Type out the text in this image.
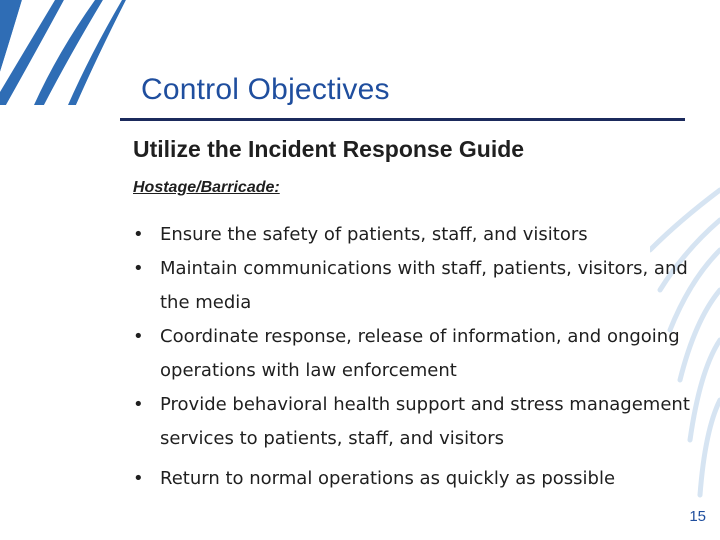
Control Objectives
Utilize the Incident Response Guide

Hostage/Barricade:

• Ensure the safety of patients, staff, and visitors
• Maintain communications with staff, patients, visitors, and the media
• Coordinate response, release of information, and ongoing operations with law enforcement
• Provide behavioral health support and stress management services to patients, staff, and visitors
• Return to normal operations as quickly as possible

15
